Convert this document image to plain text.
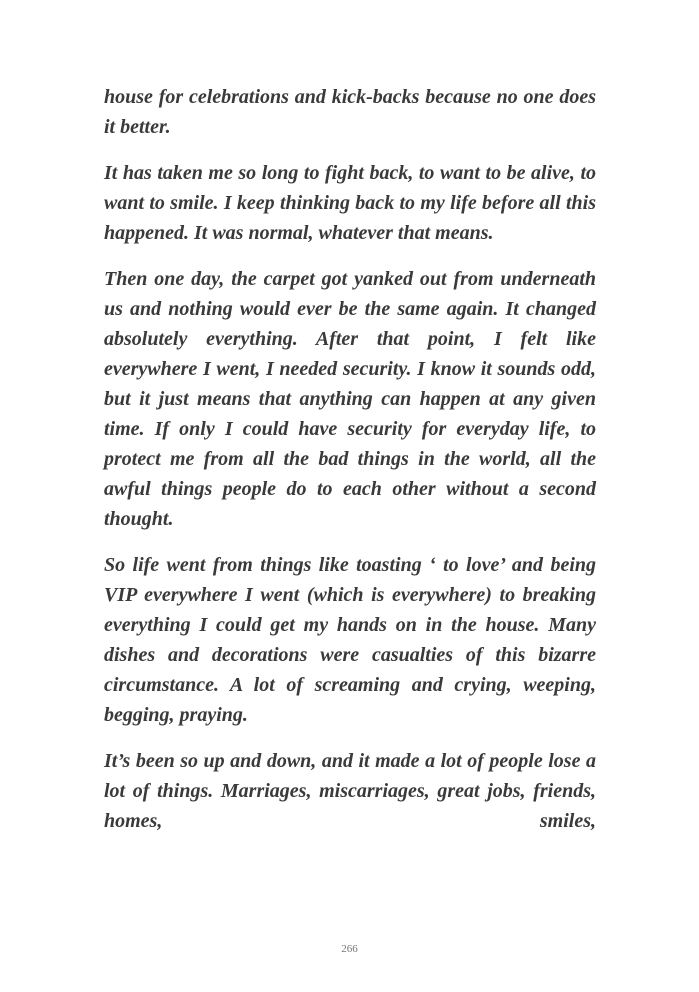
house for celebrations and kick-backs because no one does it better.

It has taken me so long to fight back, to want to be alive, to want to smile. I keep thinking back to my life before all this happened. It was normal, whatever that means.

Then one day, the carpet got yanked out from underneath us and nothing would ever be the same again. It changed absolutely everything. After that point, I felt like everywhere I went, I needed security. I know it sounds odd, but it just means that anything can happen at any given time. If only I could have security for everyday life, to protect me from all the bad things in the world, all the awful things people do to each other without a second thought.

So life went from things like toasting ‘ to love’ and being VIP everywhere I went (which is everywhere) to breaking everything I could get my hands on in the house. Many dishes and decorations were casualties of this bizarre circumstance. A lot of screaming and crying, weeping, begging, praying.

It’s been so up and down, and it made a lot of people lose a lot of things. Marriages, miscarriages, great jobs, friends, homes, smiles,

266
